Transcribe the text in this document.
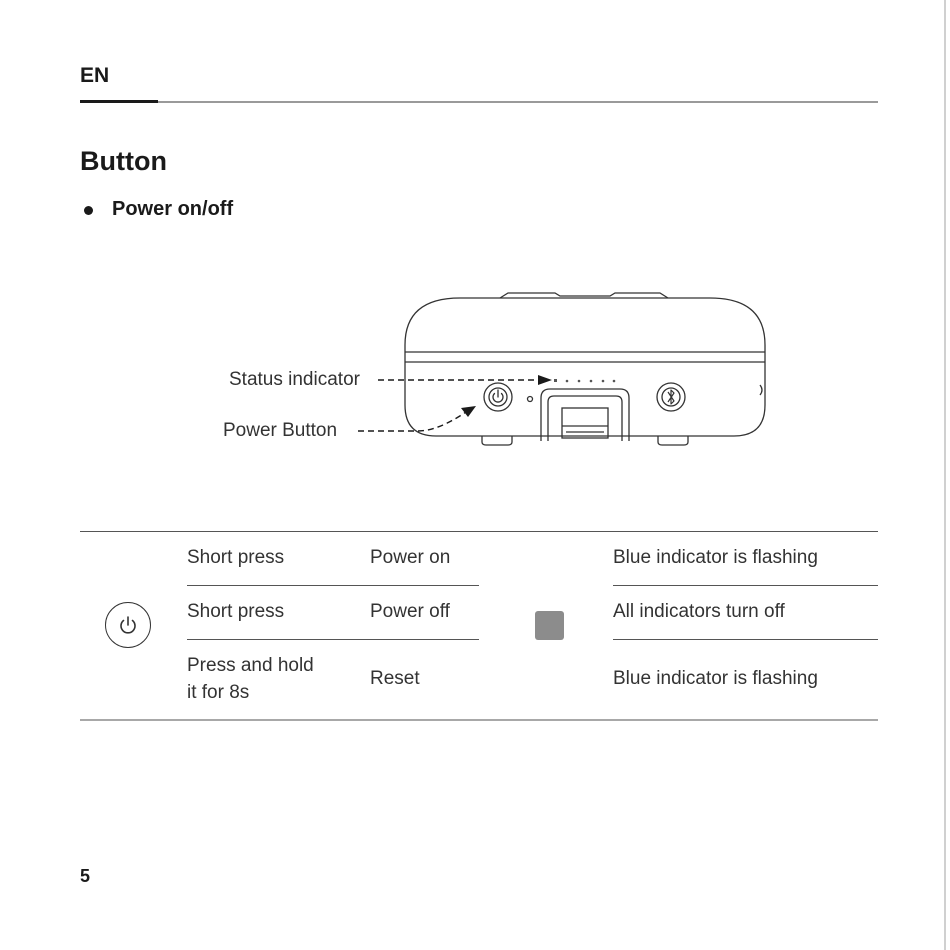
EN
Button
Power on/off
Status indicator
Power Button
Short press	Power on	Blue indicator is flashing
Short press	Power off	All indicators turn off
Press and hold
it for 8s
Reset	Blue indicator is flashing
5
